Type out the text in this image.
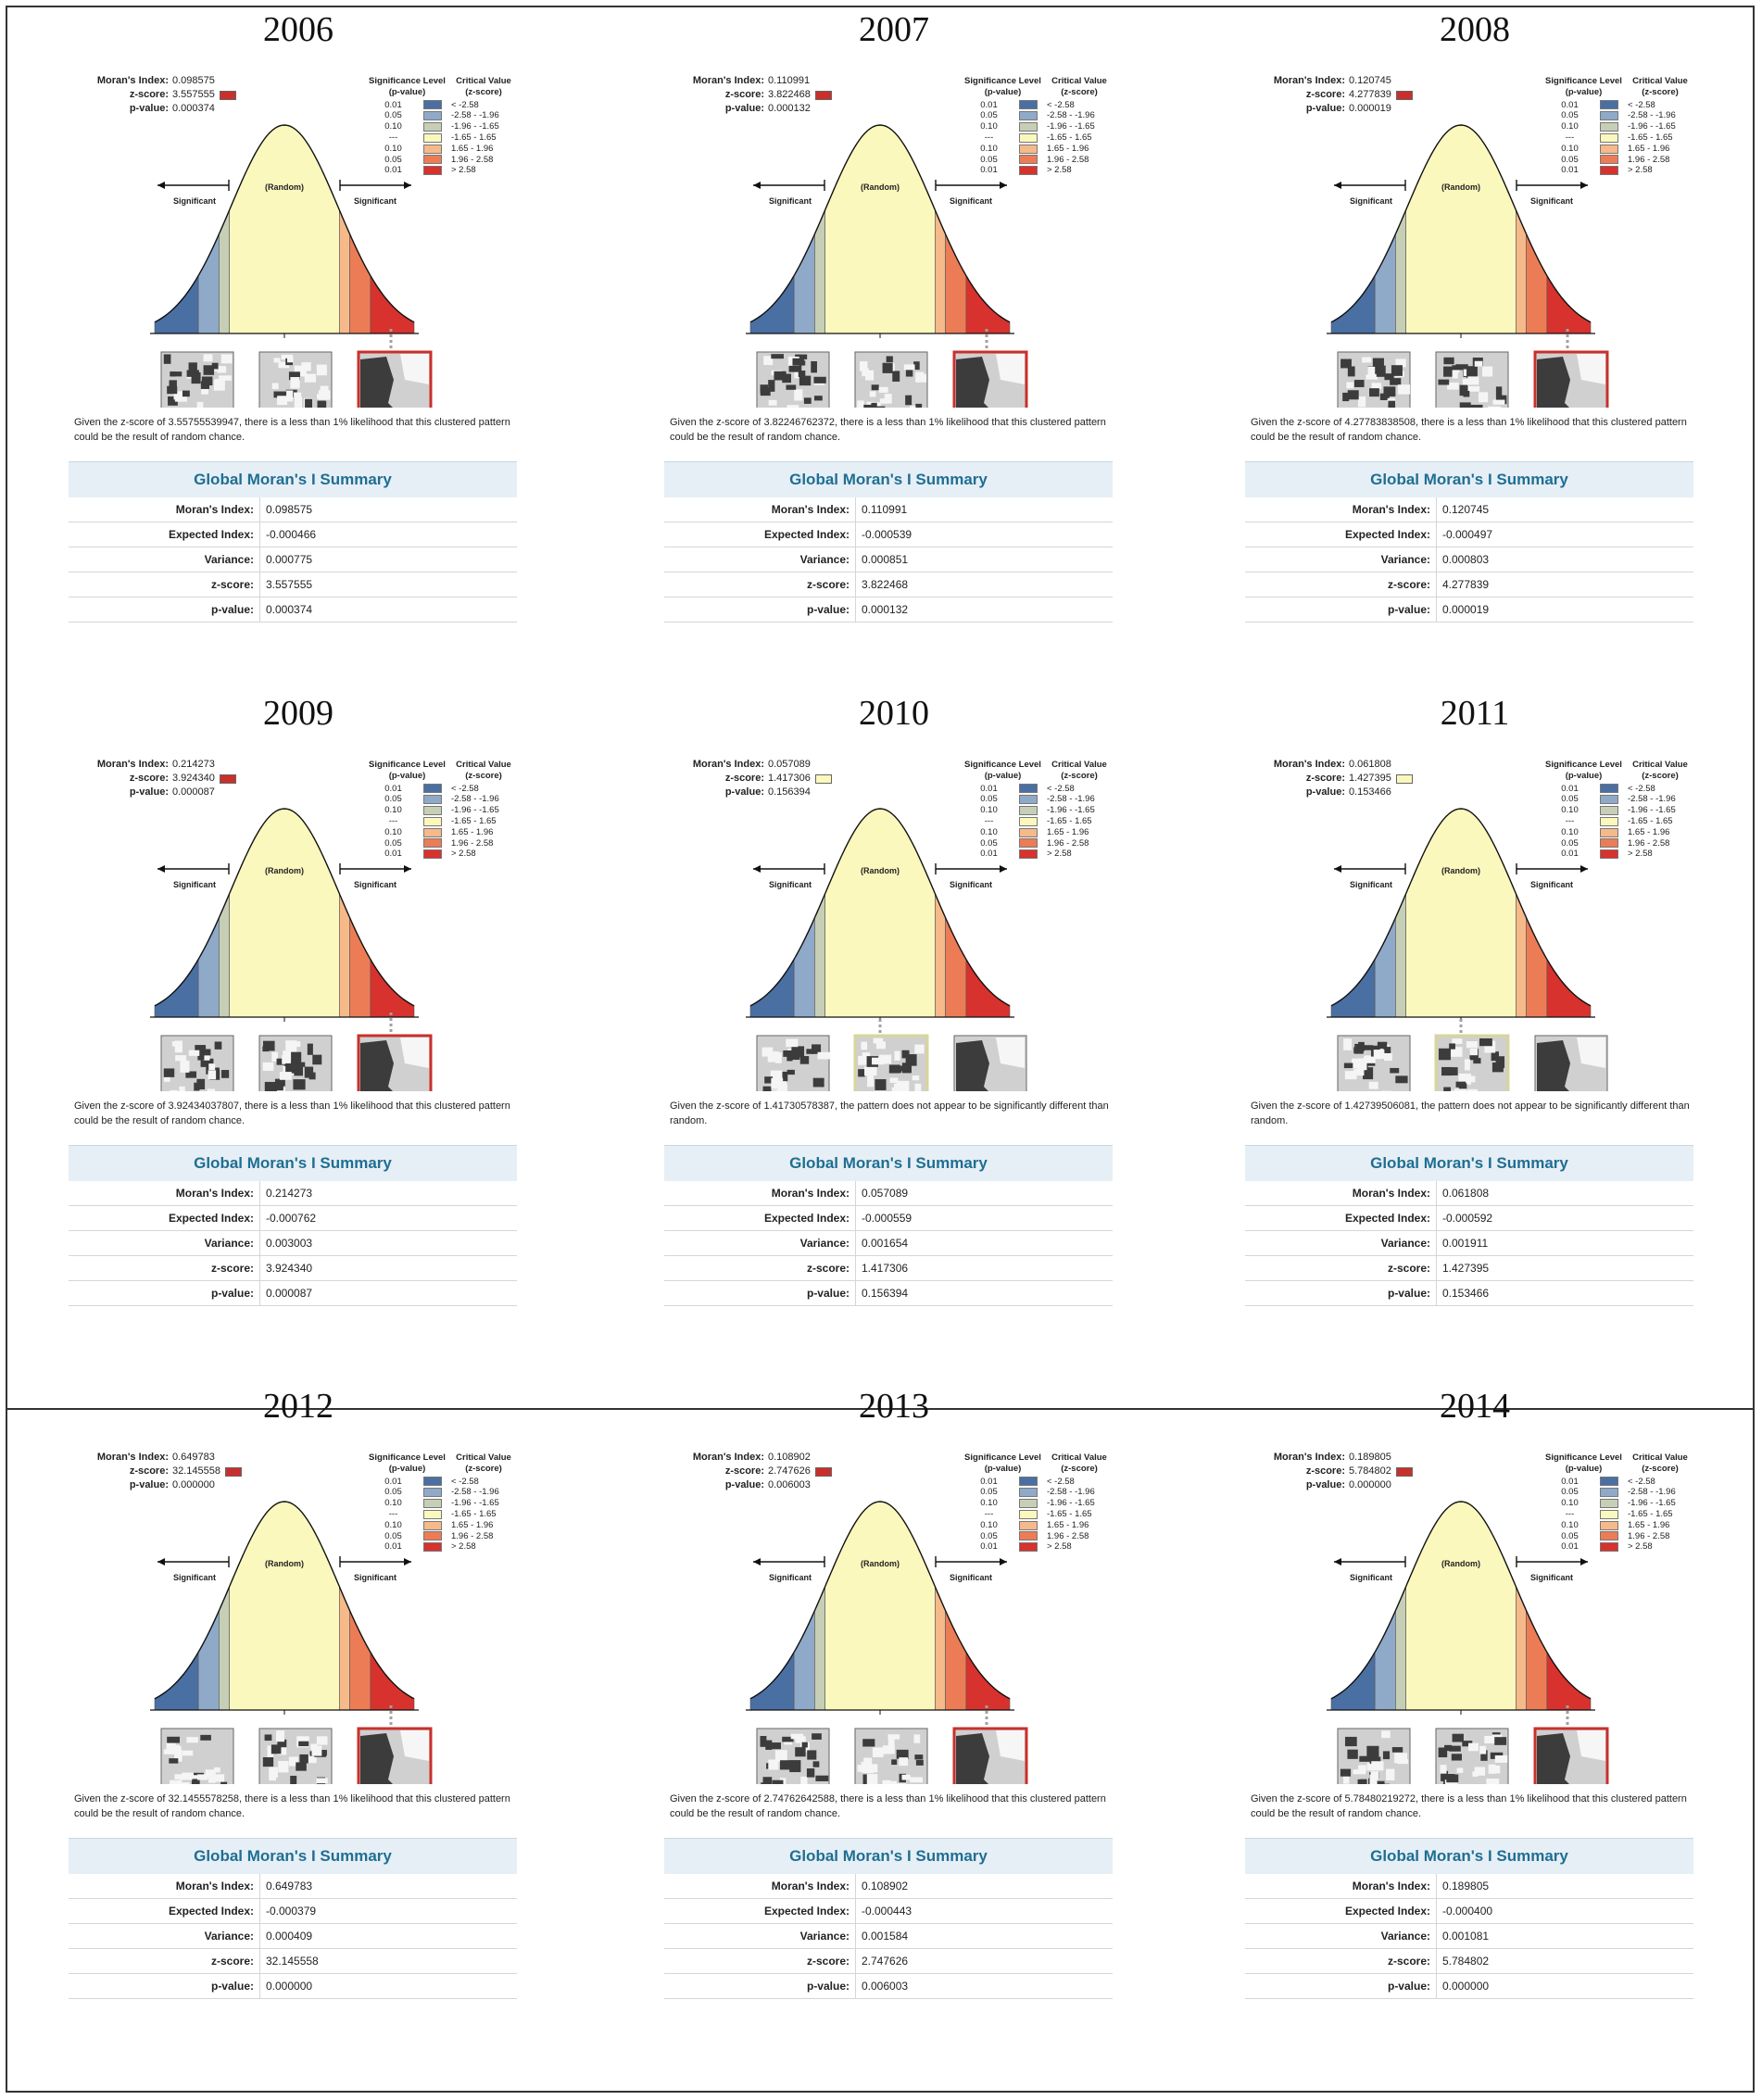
2006
Moran's Index: 0.098575
z-score: 3.557555
p-value: 0.000374
Significance Level
(p-value)
Critical Value
(z-score)
0.01	< -2.58
0.05	-2.58 - -1.96
0.10	-1.96 - -1.65
---	-1.65 - 1.65
0.10	1.65 - 1.96
0.05	1.96 - 2.58
0.01	> 2.58
Significant	Significant
(Random)
Given the z-score of 3.55755539947, there is a less than 1% likelihood that this clustered pattern could be the result of random chance.
Global Moran's I Summary
Moran's Index:	0.098575
Expected Index:	-0.000466
Variance:	0.000775
z-score:	3.557555
p-value:	0.000374
2007
Moran's Index: 0.110991
z-score: 3.822468
p-value: 0.000132
Significance Level
(p-value)
Critical Value
(z-score)
0.01	< -2.58
0.05	-2.58 - -1.96
0.10	-1.96 - -1.65
---	-1.65 - 1.65
0.10	1.65 - 1.96
0.05	1.96 - 2.58
0.01	> 2.58
Significant	Significant
(Random)
Given the z-score of 3.82246762372, there is a less than 1% likelihood that this clustered pattern could be the result of random chance.
Global Moran's I Summary
Moran's Index:	0.110991
Expected Index:	-0.000539
Variance:	0.000851
z-score:	3.822468
p-value:	0.000132
2008
Moran's Index: 0.120745
z-score: 4.277839
p-value: 0.000019
Significance Level
(p-value)
Critical Value
(z-score)
0.01	< -2.58
0.05	-2.58 - -1.96
0.10	-1.96 - -1.65
---	-1.65 - 1.65
0.10	1.65 - 1.96
0.05	1.96 - 2.58
0.01	> 2.58
Significant	Significant
(Random)
Given the z-score of 4.27783838508, there is a less than 1% likelihood that this clustered pattern could be the result of random chance.
Global Moran's I Summary
Moran's Index:	0.120745
Expected Index:	-0.000497
Variance:	0.000803
z-score:	4.277839
p-value:	0.000019
2009
Moran's Index: 0.214273
z-score: 3.924340
p-value: 0.000087
Significance Level
(p-value)
Critical Value
(z-score)
0.01	< -2.58
0.05	-2.58 - -1.96
0.10	-1.96 - -1.65
---	-1.65 - 1.65
0.10	1.65 - 1.96
0.05	1.96 - 2.58
0.01	> 2.58
Significant	Significant
(Random)
Given the z-score of 3.92434037807, there is a less than 1% likelihood that this clustered pattern could be the result of random chance.
Global Moran's I Summary
Moran's Index:	0.214273
Expected Index:	-0.000762
Variance:	0.003003
z-score:	3.924340
p-value:	0.000087
2010
Moran's Index: 0.057089
z-score: 1.417306
p-value: 0.156394
Significance Level
(p-value)
Critical Value
(z-score)
0.01	< -2.58
0.05	-2.58 - -1.96
0.10	-1.96 - -1.65
---	-1.65 - 1.65
0.10	1.65 - 1.96
0.05	1.96 - 2.58
0.01	> 2.58
Significant	Significant
(Random)
Given the z-score of 1.41730578387, the pattern does not appear to be significantly different than random.
Global Moran's I Summary
Moran's Index:	0.057089
Expected Index:	-0.000559
Variance:	0.001654
z-score:	1.417306
p-value:	0.156394
2011
Moran's Index: 0.061808
z-score: 1.427395
p-value: 0.153466
Significance Level
(p-value)
Critical Value
(z-score)
0.01	< -2.58
0.05	-2.58 - -1.96
0.10	-1.96 - -1.65
---	-1.65 - 1.65
0.10	1.65 - 1.96
0.05	1.96 - 2.58
0.01	> 2.58
Significant	Significant
(Random)
Given the z-score of 1.42739506081, the pattern does not appear to be significantly different than random.
Global Moran's I Summary
Moran's Index:	0.061808
Expected Index:	-0.000592
Variance:	0.001911
z-score:	1.427395
p-value:	0.153466
2012
Moran's Index: 0.649783
z-score: 32.145558
p-value: 0.000000
Significance Level
(p-value)
Critical Value
(z-score)
0.01	< -2.58
0.05	-2.58 - -1.96
0.10	-1.96 - -1.65
---	-1.65 - 1.65
0.10	1.65 - 1.96
0.05	1.96 - 2.58
0.01	> 2.58
Significant	Significant
(Random)
Given the z-score of 32.1455578258, there is a less than 1% likelihood that this clustered pattern could be the result of random chance.
Global Moran's I Summary
Moran's Index:	0.649783
Expected Index:	-0.000379
Variance:	0.000409
z-score:	32.145558
p-value:	0.000000
2013
Moran's Index: 0.108902
z-score: 2.747626
p-value: 0.006003
Significance Level
(p-value)
Critical Value
(z-score)
0.01	< -2.58
0.05	-2.58 - -1.96
0.10	-1.96 - -1.65
---	-1.65 - 1.65
0.10	1.65 - 1.96
0.05	1.96 - 2.58
0.01	> 2.58
Significant	Significant
(Random)
Given the z-score of 2.74762642588, there is a less than 1% likelihood that this clustered pattern could be the result of random chance.
Global Moran's I Summary
Moran's Index:	0.108902
Expected Index:	-0.000443
Variance:	0.001584
z-score:	2.747626
p-value:	0.006003
2014
Moran's Index: 0.189805
z-score: 5.784802
p-value: 0.000000
Significance Level
(p-value)
Critical Value
(z-score)
0.01	< -2.58
0.05	-2.58 - -1.96
0.10	-1.96 - -1.65
---	-1.65 - 1.65
0.10	1.65 - 1.96
0.05	1.96 - 2.58
0.01	> 2.58
Significant	Significant
(Random)
Given the z-score of 5.78480219272, there is a less than 1% likelihood that this clustered pattern could be the result of random chance.
Global Moran's I Summary
Moran's Index:	0.189805
Expected Index:	-0.000400
Variance:	0.001081
z-score:	5.784802
p-value:	0.000000
